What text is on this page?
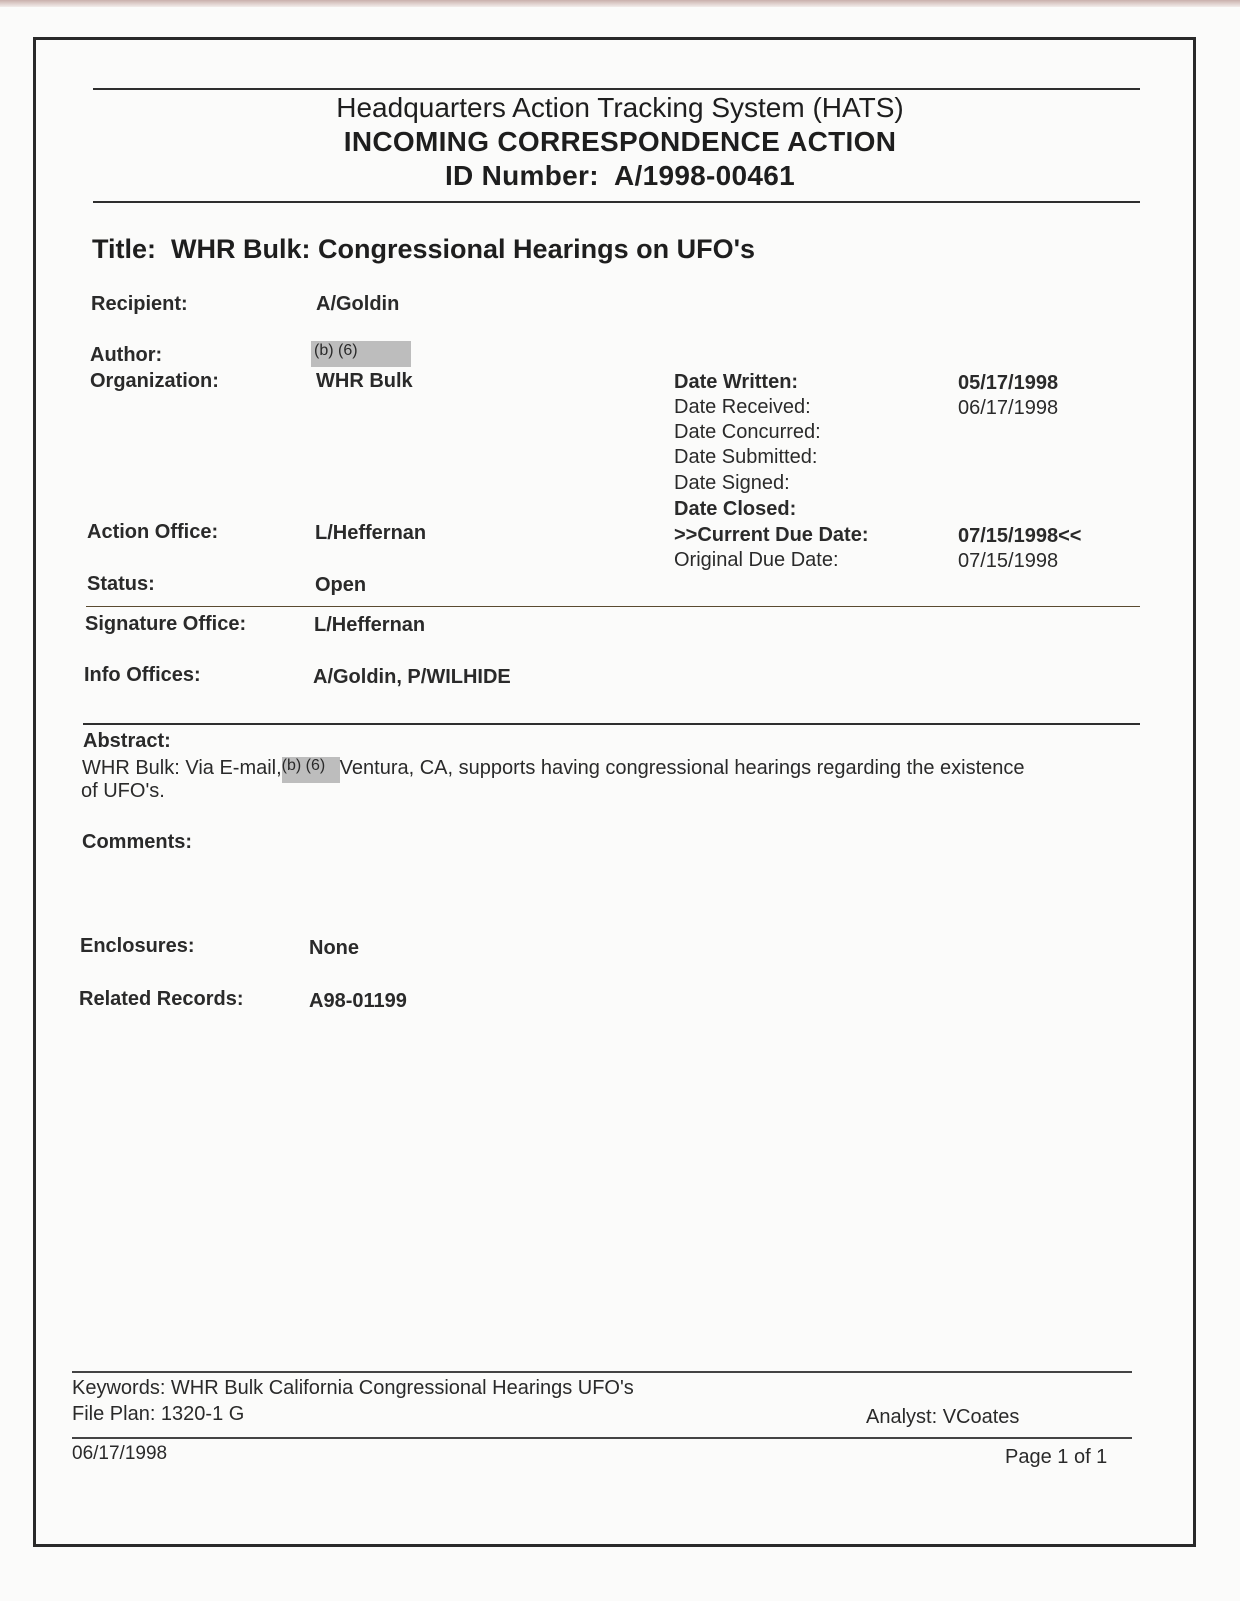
Headquarters Action Tracking System (HATS)
INCOMING CORRESPONDENCE ACTION
ID Number: A/1998-00461
Title: WHR Bulk: Congressional Hearings on UFO's
Recipient:	A/Goldin
Author:	(b) (6)
Organization:	WHR Bulk
Action Office:	L/Heffernan
Status:	Open
Date Written:	05/17/1998
Date Received:	06/17/1998
Date Concurred:
Date Submitted:
Date Signed:
Date Closed:
>>Current Due Date:	07/15/1998<<
Original Due Date:	07/15/1998
Signature Office:	L/Heffernan
Info Offices:	A/Goldin, P/WILHIDE
Abstract:
WHR Bulk: Via E-mail,(b) (6) Ventura, CA, supports having congressional hearings regarding the existence
of UFO's.
Comments:
Enclosures:	None
Related Records:	A98-01199
Keywords: WHR Bulk California Congressional Hearings UFO's
File Plan: 1320-1 G	Analyst: VCoates
06/17/1998	Page 1 of 1
